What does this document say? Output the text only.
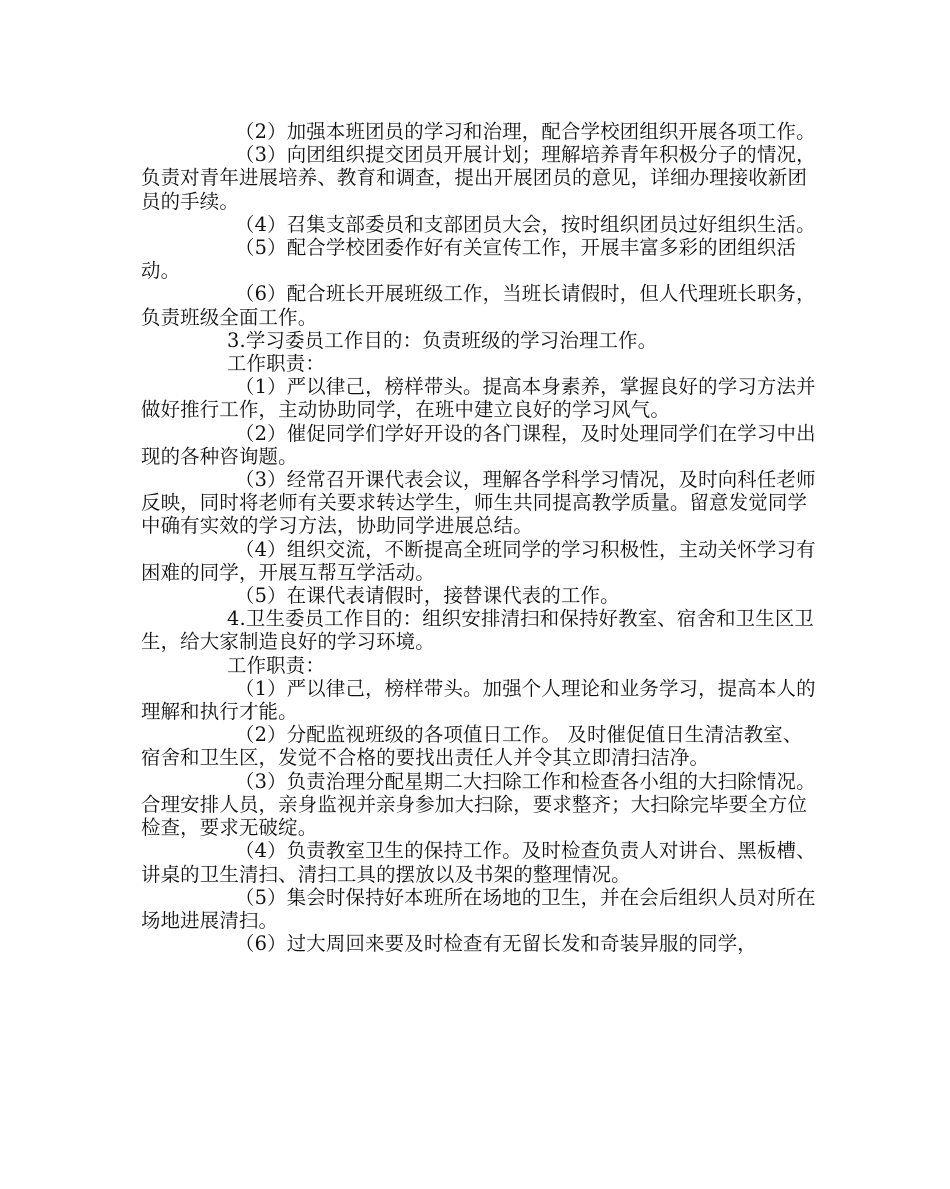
（2）加强本班团员的学习和治理，配合学校团组织开展各项工作。

（3）向团组织提交团员开展计划；理解培养青年积极分子的情况，负责对青年进展培养、教育和调查，提出开展团员的意见，详细办理接收新团员的手续。

（4）召集支部委员和支部团员大会，按时组织团员过好组织生活。

（5）配合学校团委作好有关宣传工作，开展丰富多彩的团组织活动。

（6）配合班长开展班级工作，当班长请假时，但人代理班长职务，负责班级全面工作。

3.学习委员工作目的：负责班级的学习治理工作。

工作职责：

（1）严以律己，榜样带头。提高本身素养，掌握良好的学习方法并做好推行工作，主动协助同学，在班中建立良好的学习风气。

（2）催促同学们学好开设的各门课程，及时处理同学们在学习中出现的各种咨询题。

（3）经常召开课代表会议，理解各学科学习情况，及时向科任老师反映，同时将老师有关要求转达学生，师生共同提高教学质量。留意发觉同学中确有实效的学习方法，协助同学进展总结。

（4）组织交流，不断提高全班同学的学习积极性，主动关怀学习有困难的同学，开展互帮互学活动。

（5）在课代表请假时，接替课代表的工作。

4.卫生委员工作目的：组织安排清扫和保持好教室、宿舍和卫生区卫生，给大家制造良好的学习环境。

工作职责：

（1）严以律己，榜样带头。加强个人理论和业务学习，提高本人的理解和执行才能。

（2）分配监视班级的各项值日工作。 及时催促值日生清洁教室、宿舍和卫生区，发觉不合格的要找出责任人并令其立即清扫洁净。

（3）负责治理分配星期二大扫除工作和检查各小组的大扫除情况。合理安排人员，亲身监视并亲身参加大扫除，要求整齐；大扫除完毕要全方位检查，要求无破绽。

（4）负责教室卫生的保持工作。及时检查负责人对讲台、黑板槽、讲桌的卫生清扫、清扫工具的摆放以及书架的整理情况。

（5）集会时保持好本班所在场地的卫生，并在会后组织人员对所在场地进展清扫。

（6）过大周回来要及时检查有无留长发和奇装异服的同学，
